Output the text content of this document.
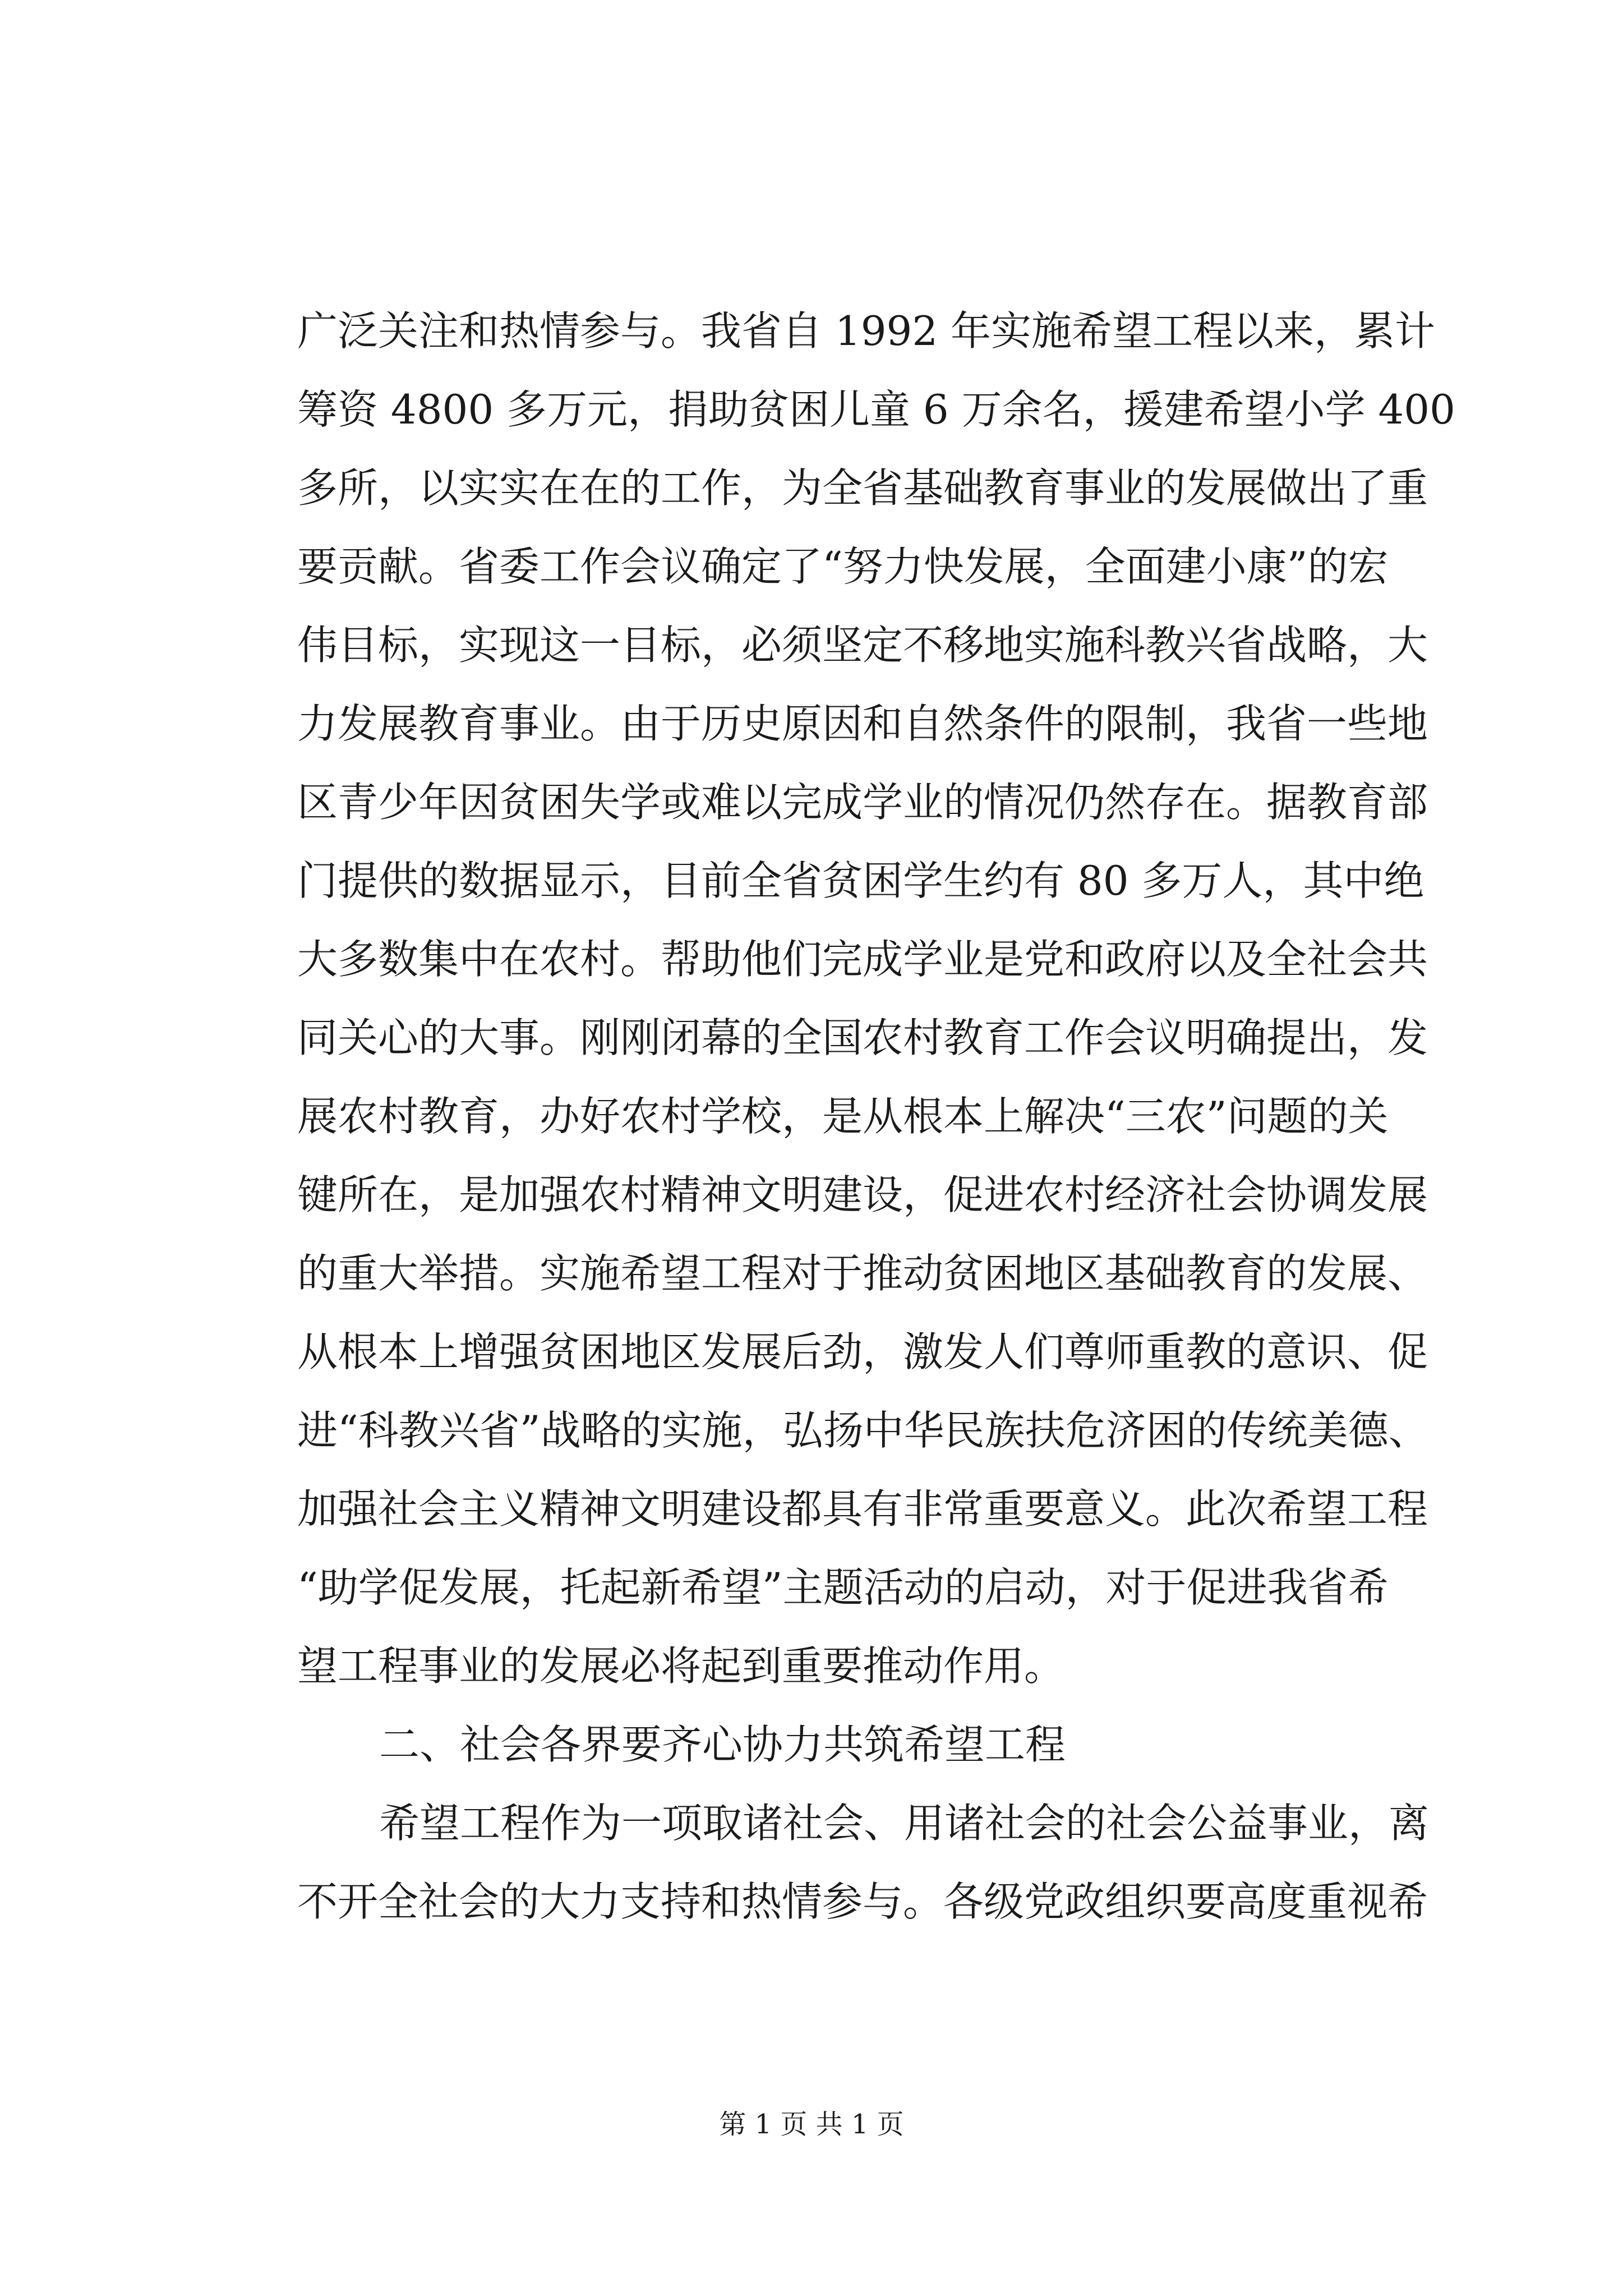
广泛关注和热情参与。我省自 1992 年实施希望工程以来，累计
筹资 4800 多万元，捐助贫困儿童 6 万余名，援建希望小学 400
多所，以实实在在的工作，为全省基础教育事业的发展做出了重
要贡献。省委工作会议确定了“努力快发展，全面建小康”的宏
伟目标，实现这一目标，必须坚定不移地实施科教兴省战略，大
力发展教育事业。由于历史原因和自然条件的限制，我省一些地
区青少年因贫困失学或难以完成学业的情况仍然存在。据教育部
门提供的数据显示，目前全省贫困学生约有 80 多万人，其中绝
大多数集中在农村。帮助他们完成学业是党和政府以及全社会共
同关心的大事。刚刚闭幕的全国农村教育工作会议明确提出，发
展农村教育，办好农村学校，是从根本上解决“三农”问题的关
键所在，是加强农村精神文明建设，促进农村经济社会协调发展
的重大举措。实施希望工程对于推动贫困地区基础教育的发展、
从根本上增强贫困地区发展后劲，激发人们尊师重教的意识、促
进“科教兴省”战略的实施，弘扬中华民族扶危济困的传统美德、
加强社会主义精神文明建设都具有非常重要意义。此次希望工程
“助学促发展，托起新希望”主题活动的启动，对于促进我省希
望工程事业的发展必将起到重要推动作用。
二、社会各界要齐心协力共筑希望工程
希望工程作为一项取诸社会、用诸社会的社会公益事业，离
不开全社会的大力支持和热情参与。各级党政组织要高度重视希
第 1 页 共 1 页
